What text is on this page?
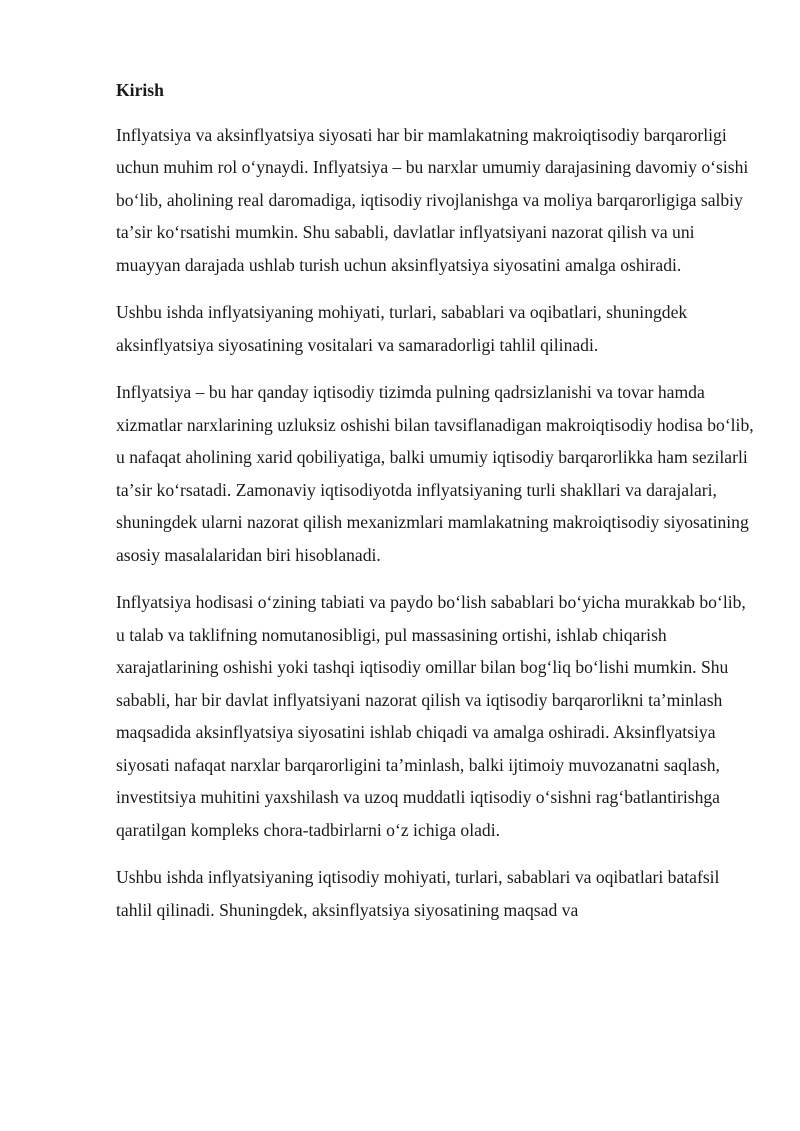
Kirish

Inflyatsiya va aksinflyatsiya siyosati har bir mamlakatning makroiqtisodiy barqarorligi uchun muhim rol oʻynaydi. Inflyatsiya – bu narxlar umumiy darajasining davomiy oʻsishi boʻlib, aholining real daromadiga, iqtisodiy rivojlanishga va moliya barqarorligiga salbiy taʼsir koʻrsatishi mumkin. Shu sababli, davlatlar inflyatsiyani nazorat qilish va uni muayyan darajada ushlab turish uchun aksinflyatsiya siyosatini amalga oshiradi.

Ushbu ishda inflyatsiyaning mohiyati, turlari, sabablari va oqibatlari, shuningdek aksinflyatsiya siyosatining vositalari va samaradorligi tahlil qilinadi.

Inflyatsiya – bu har qanday iqtisodiy tizimda pulning qadrsizlanishi va tovar hamda xizmatlar narxlarining uzluksiz oshishi bilan tavsiflanadigan makroiqtisodiy hodisa boʻlib, u nafaqat aholining xarid qobiliyatiga, balki umumiy iqtisodiy barqarorlikka ham sezilarli taʼsir koʻrsatadi. Zamonaviy iqtisodiyotda inflyatsiyaning turli shakllari va darajalari, shuningdek ularni nazorat qilish mexanizmlari mamlakatning makroiqtisodiy siyosatining asosiy masalalaridan biri hisoblanadi.

Inflyatsiya hodisasi oʻzining tabiati va paydo boʻlish sabablari boʻyicha murakkab boʻlib, u talab va taklifning nomutanosibligi, pul massasining ortishi, ishlab chiqarish xarajatlarining oshishi yoki tashqi iqtisodiy omillar bilan bogʻliq boʻlishi mumkin. Shu sababli, har bir davlat inflyatsiyani nazorat qilish va iqtisodiy barqarorlikni taʼminlash maqsadida aksinflyatsiya siyosatini ishlab chiqadi va amalga oshiradi. Aksinflyatsiya siyosati nafaqat narxlar barqarorligini taʼminlash, balki ijtimoiy muvozanatni saqlash, investitsiya muhitini yaxshilash va uzoq muddatli iqtisodiy oʻsishni ragʻbatlantirishga qaratilgan kompleks chora-tadbirlarni oʻz ichiga oladi.

Ushbu ishda inflyatsiyaning iqtisodiy mohiyati, turlari, sabablari va oqibatlari batafsil tahlil qilinadi. Shuningdek, aksinflyatsiya siyosatining maqsad va
